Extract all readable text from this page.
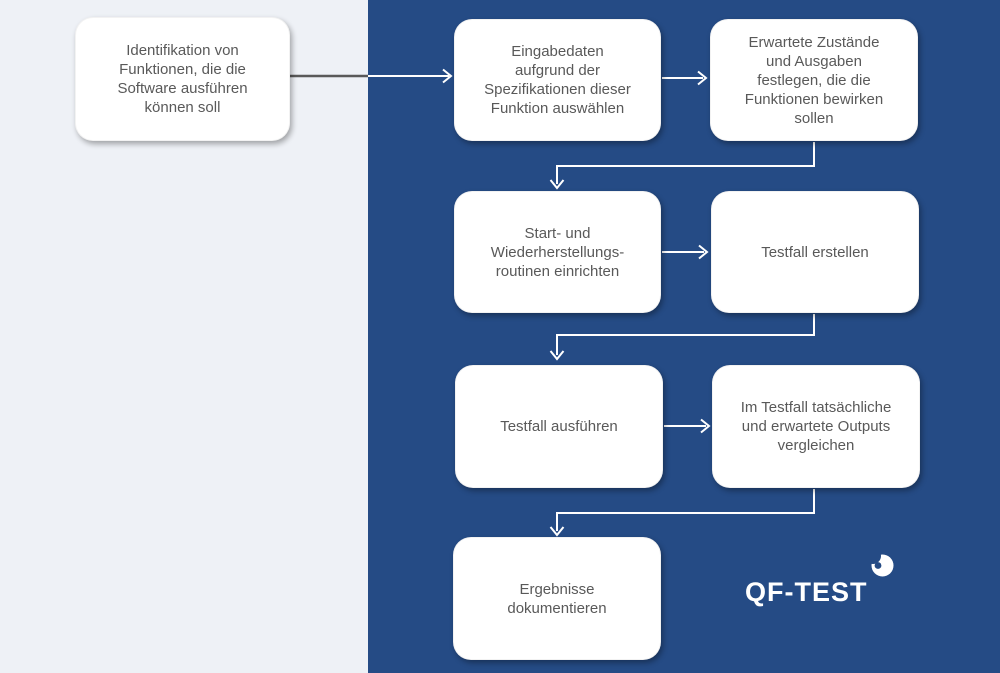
Identifikation von
Funktionen, die die
Software ausführen
können soll
Eingabedaten
aufgrund der
Spezifikationen dieser
Funktion auswählen
Erwartete Zustände
und Ausgaben
festlegen, die die
Funktionen bewirken
sollen
Start- und
Wiederherstellungs-
routinen einrichten
Testfall erstellen
Testfall ausführen
Im Testfall tatsächliche
und erwartete Outputs
vergleichen
Ergebnisse
dokumentieren
QF-TEST
